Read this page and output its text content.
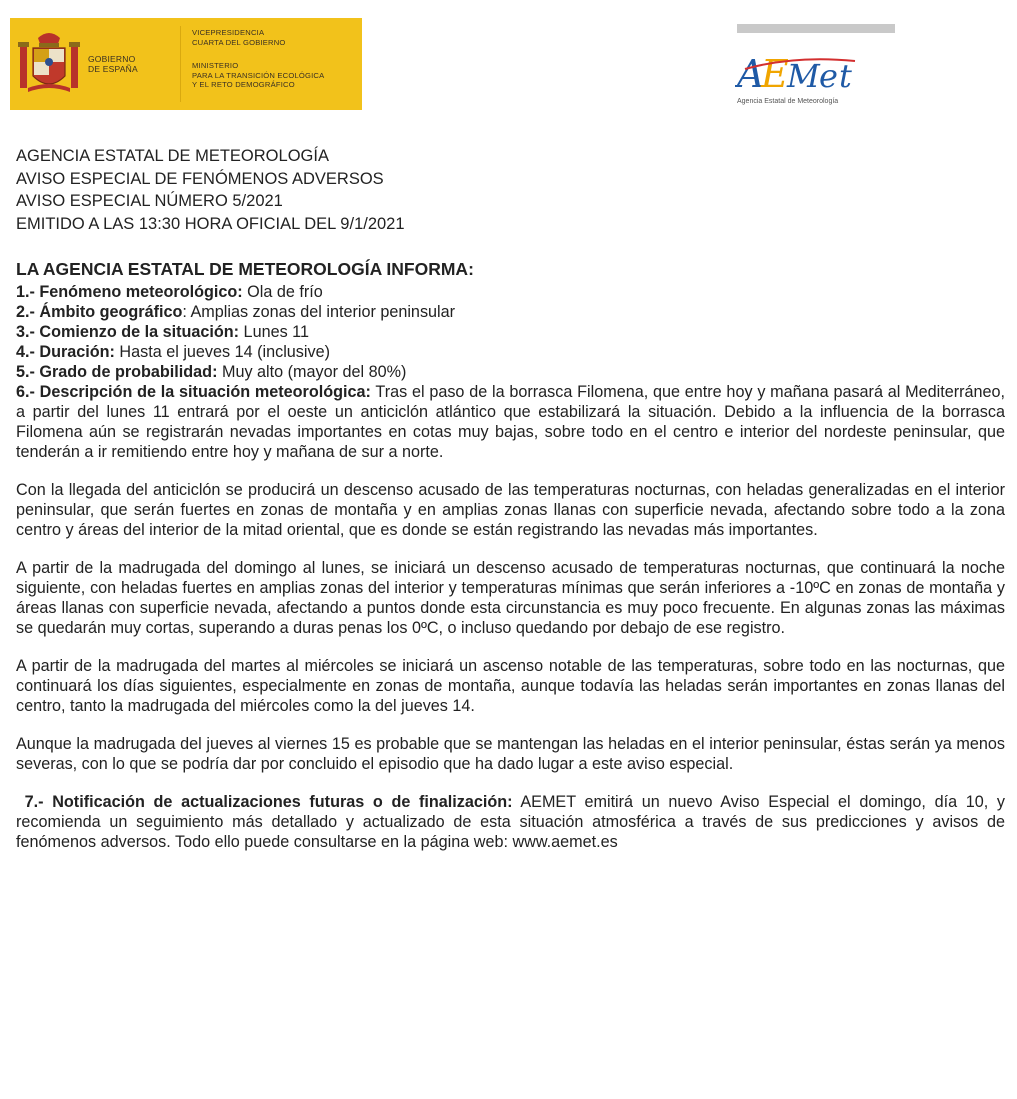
GOBIERNO
DE ESPAÑA
VICEPRESIDENCIA
CUARTA DEL GOBIERNO
MINISTERIO
PARA LA TRANSICIÓN ECOLÓGICA
Y EL RETO DEMOGRÁFICO	A
E
M e t
Agencia Estatal de Meteorología
AGENCIA ESTATAL DE METEOROLOGÍA
AVISO ESPECIAL DE FENÓMENOS ADVERSOS
AVISO ESPECIAL NÚMERO 5/2021
EMITIDO A LAS 13:30 HORA OFICIAL DEL 9/1/2021
LA AGENCIA ESTATAL DE METEOROLOGÍA INFORMA:

1.- Fenómeno meteorológico: Ola de frío

2.- Ámbito geográfico: Amplias zonas del interior peninsular

3.- Comienzo de la situación: Lunes 11

4.- Duración: Hasta el jueves 14 (inclusive)

5.- Grado de probabilidad: Muy alto (mayor del 80%)

6.- Descripción de la situación meteorológica: Tras el paso de la borrasca Filomena, que entre hoy y mañana pasará al Mediterráneo, a partir del lunes 11 entrará por el oeste un anticiclón atlántico que estabilizará la situación. Debido a la influencia de la borrasca Filomena aún se registrarán nevadas importantes en cotas muy bajas, sobre todo en el centro e interior del nordeste peninsular, que tenderán a ir remitiendo entre hoy y mañana de sur a norte.

Con la llegada del anticiclón se producirá un descenso acusado de las temperaturas nocturnas, con heladas generalizadas en el interior peninsular, que serán fuertes en zonas de montaña y en amplias zonas llanas con superficie nevada, afectando sobre todo a la zona centro y áreas del interior de la mitad oriental, que es donde se están registrando las nevadas más importantes.

A partir de la madrugada del domingo al lunes, se iniciará un descenso acusado de temperaturas nocturnas, que continuará la noche siguiente, con heladas fuertes en amplias zonas del interior y temperaturas mínimas que serán inferiores a -10ºC en zonas de montaña y áreas llanas con superficie nevada, afectando a puntos donde esta circunstancia es muy poco frecuente. En algunas zonas las máximas se quedarán muy cortas, superando a duras penas los 0ºC, o incluso quedando por debajo de ese registro.

A partir de la madrugada del martes al miércoles se iniciará un ascenso notable de las temperaturas, sobre todo en las nocturnas, que continuará los días siguientes, especialmente en zonas de montaña, aunque todavía las heladas serán importantes en zonas llanas del centro, tanto la madrugada del miércoles como la del jueves 14.

Aunque la madrugada del jueves al viernes 15 es probable que se mantengan las heladas en el interior peninsular, éstas serán ya menos severas, con lo que se podría dar por concluido el episodio que ha dado lugar a este aviso especial.

7.- Notificación de actualizaciones futuras o de finalización: AEMET emitirá un nuevo Aviso Especial el domingo, día 10, y recomienda un seguimiento más detallado y actualizado de esta situación atmosférica a través de sus predicciones y avisos de fenómenos adversos. Todo ello puede consultarse en la página web: www.aemet.es
